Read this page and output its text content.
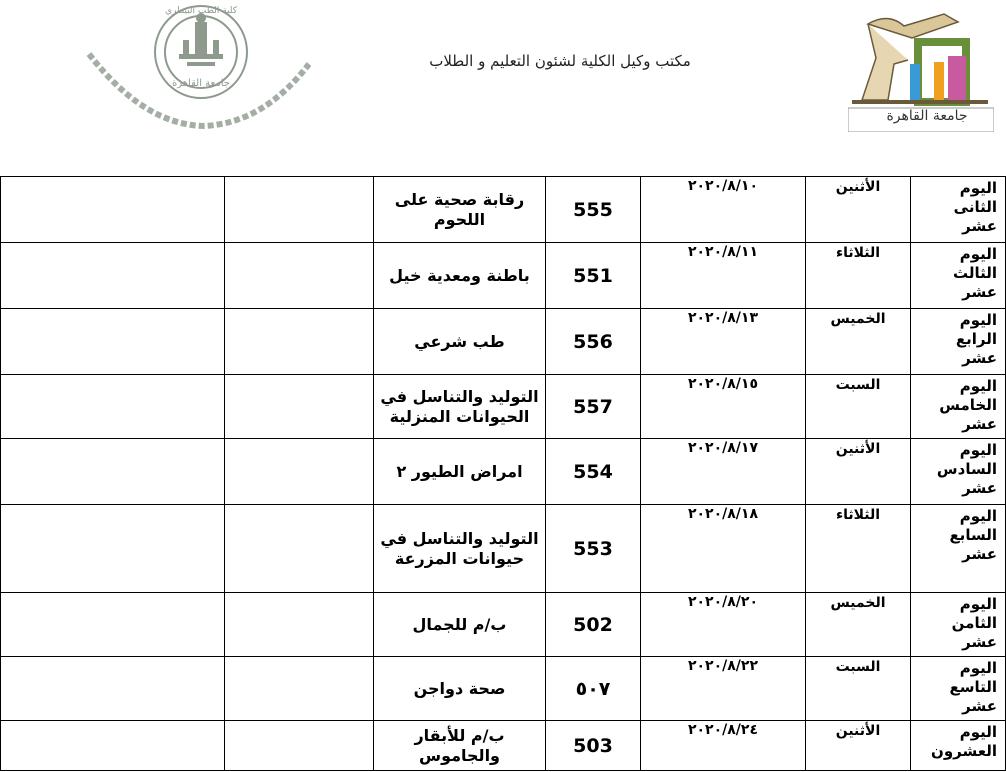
كلية الطب البيطري
جامعة القاهرة
مكتب وكيل الكلية لشئون التعليم و الطلاب
جامعة القاهرة
اليوم
الثانى
عشر	الأثنين	٢٠٢٠/٨/١٠	555	رقابة صحية على اللحوم		

اليوم
الثالث
عشر	الثلاثاء	٢٠٢٠/٨/١١	551	باطنة ومعدية خيل		

اليوم
الرابع
عشر	الخميس	٢٠٢٠/٨/١٣	556	طب شرعي		

اليوم
الخامس
عشر	السبت	٢٠٢٠/٨/١٥	557	التوليد والتناسل في الحيوانات المنزلية		

اليوم
السادس
عشر	الأثنين	٢٠٢٠/٨/١٧	554	امراض الطيور ٢		

اليوم
السابع
عشر	الثلاثاء	٢٠٢٠/٨/١٨	553	التوليد والتناسل في حيوانات المزرعة		

اليوم
الثامن
عشر	الخميس	٢٠٢٠/٨/٢٠	502	ب/م للجمال		

اليوم
التاسع
عشر	السبت	٢٠٢٠/٨/٢٢	٥٠٧	صحة دواجن		

اليوم
العشرون	الأثنين	٢٠٢٠/٨/٢٤	503	ب/م للأبقار والجاموس		
